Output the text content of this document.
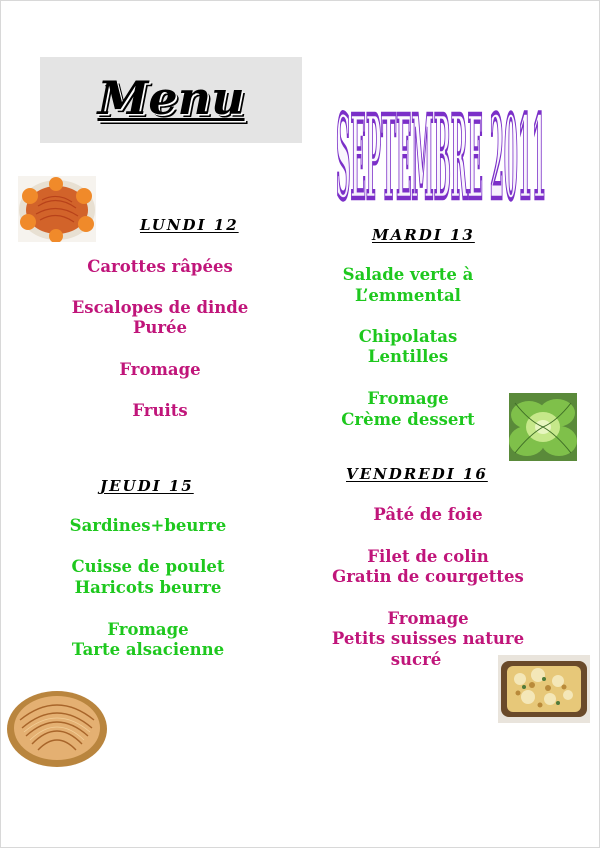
Menu	SEPTEMBRE 2011
LUNDI 12
Carottes râpées
Escalopes de dinde
Purée
Fromage
Fruits
MARDI 13
Salade verte à
L’emmental
Chipolatas
Lentilles
Fromage
Crème dessert
JEUDI 15
Sardines+beurre
Cuisse de poulet
Haricots beurre
Fromage
Tarte alsacienne
VENDREDI 16
Pâté de foie
Filet de colin
Gratin de courgettes
Fromage
Petits suisses nature
sucré
